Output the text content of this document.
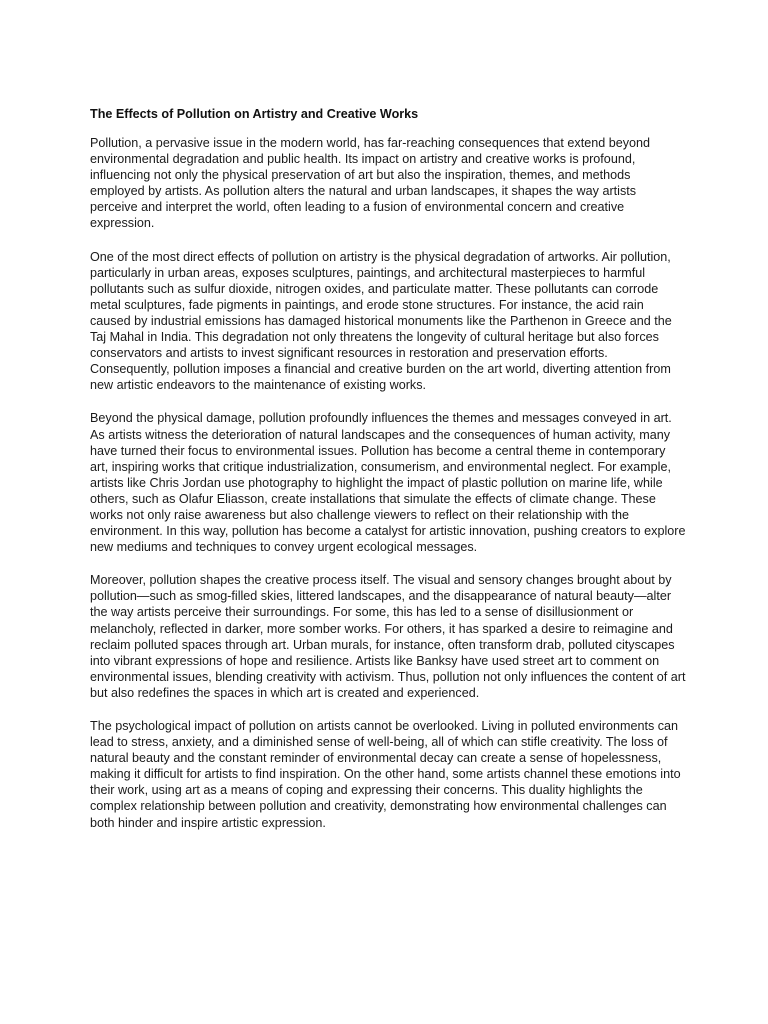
The Effects of Pollution on Artistry and Creative Works

Pollution, a pervasive issue in the modern world, has far-reaching consequences that extend beyond environmental degradation and public health. Its impact on artistry and creative works is profound, influencing not only the physical preservation of art but also the inspiration, themes, and methods employed by artists. As pollution alters the natural and urban landscapes, it shapes the way artists perceive and interpret the world, often leading to a fusion of environmental concern and creative expression.

One of the most direct effects of pollution on artistry is the physical degradation of artworks. Air pollution, particularly in urban areas, exposes sculptures, paintings, and architectural masterpieces to harmful pollutants such as sulfur dioxide, nitrogen oxides, and particulate matter. These pollutants can corrode metal sculptures, fade pigments in paintings, and erode stone structures. For instance, the acid rain caused by industrial emissions has damaged historical monuments like the Parthenon in Greece and the Taj Mahal in India. This degradation not only threatens the longevity of cultural heritage but also forces conservators and artists to invest significant resources in restoration and preservation efforts. Consequently, pollution imposes a financial and creative burden on the art world, diverting attention from new artistic endeavors to the maintenance of existing works.

Beyond the physical damage, pollution profoundly influences the themes and messages conveyed in art. As artists witness the deterioration of natural landscapes and the consequences of human activity, many have turned their focus to environmental issues. Pollution has become a central theme in contemporary art, inspiring works that critique industrialization, consumerism, and environmental neglect. For example, artists like Chris Jordan use photography to highlight the impact of plastic pollution on marine life, while others, such as Olafur Eliasson, create installations that simulate the effects of climate change. These works not only raise awareness but also challenge viewers to reflect on their relationship with the environment. In this way, pollution has become a catalyst for artistic innovation, pushing creators to explore new mediums and techniques to convey urgent ecological messages.

Moreover, pollution shapes the creative process itself. The visual and sensory changes brought about by pollution—such as smog-filled skies, littered landscapes, and the disappearance of natural beauty—alter the way artists perceive their surroundings. For some, this has led to a sense of disillusionment or melancholy, reflected in darker, more somber works. For others, it has sparked a desire to reimagine and reclaim polluted spaces through art. Urban murals, for instance, often transform drab, polluted cityscapes into vibrant expressions of hope and resilience. Artists like Banksy have used street art to comment on environmental issues, blending creativity with activism. Thus, pollution not only influences the content of art but also redefines the spaces in which art is created and experienced.

The psychological impact of pollution on artists cannot be overlooked. Living in polluted environments can lead to stress, anxiety, and a diminished sense of well-being, all of which can stifle creativity. The loss of natural beauty and the constant reminder of environmental decay can create a sense of hopelessness, making it difficult for artists to find inspiration. On the other hand, some artists channel these emotions into their work, using art as a means of coping and expressing their concerns. This duality highlights the complex relationship between pollution and creativity, demonstrating how environmental challenges can both hinder and inspire artistic expression.
